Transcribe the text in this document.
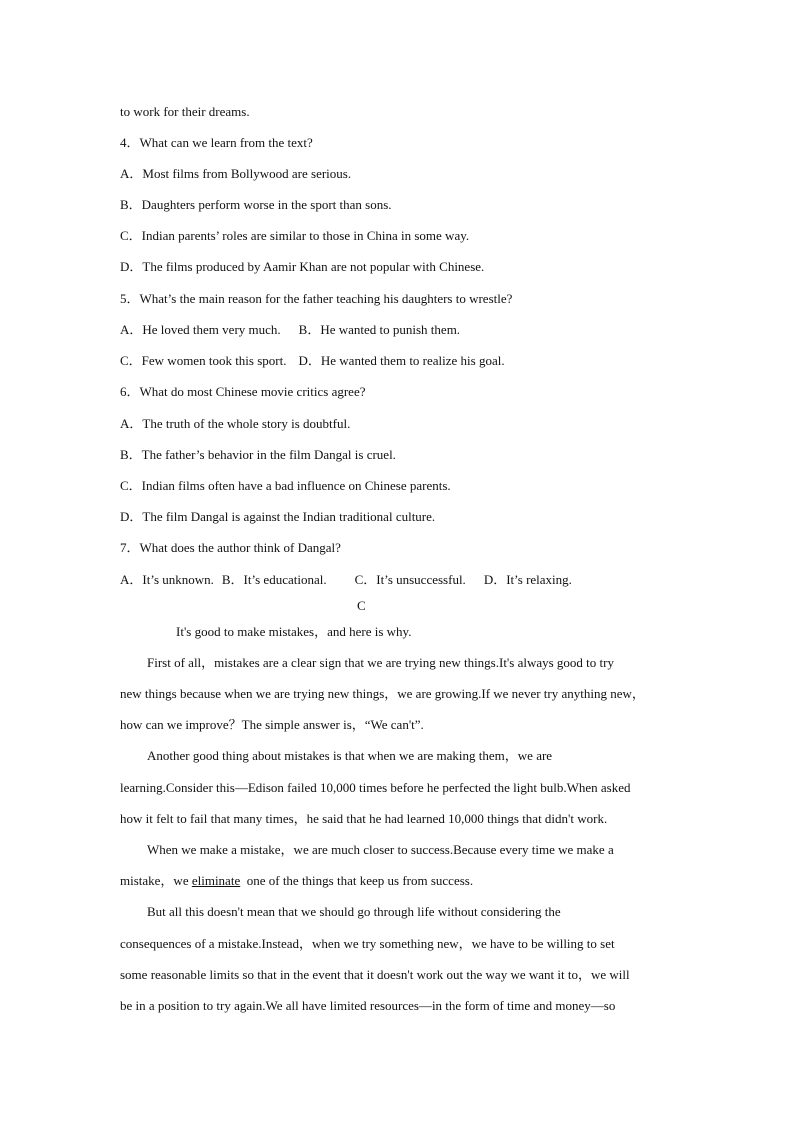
to work for their dreams.
4．What can we learn from the text?
A．Most films from Bollywood are serious.
B．Daughters perform worse in the sport than sons.
C．Indian parents’ roles are similar to those in China in some way.
D．The films produced by Aamir Khan are not popular with Chinese.
5．What’s the main reason for the father teaching his daughters to wrestle?
A．He loved them very much. B．He wanted to punish them.
C．Few women took this sport. D．He wanted them to realize his goal.
6．What do most Chinese movie critics agree?
A．The truth of the whole story is doubtful.
B．The father’s behavior in the film Dangal is cruel.
C．Indian films often have a bad influence on Chinese parents.
D．The film Dangal is against the Indian traditional culture.
7．What does the author think of Dangal?
A．It’s unknown. B．It’s educational. C．It’s unsuccessful. D．It’s relaxing.
C
It's good to make mistakes，and here is why.
First of all，mistakes are a clear sign that we are trying new things.It's always good to try
new things because when we are trying new things，we are growing.If we never try anything new，
how can we improve？The simple answer is，“We can't”.
Another good thing about mistakes is that when we are making them，we are
learning.Consider this—Edison failed 10,000 times before he perfected the light bulb.When asked
how it felt to fail that many times，he said that he had learned 10,000 things that didn't work.
When we make a mistake，we are much closer to success.Because every time we make a
mistake，we eliminate  one of the things that keep us from success.
But all this doesn't mean that we should go through life without considering the
consequences of a mistake.Instead，when we try something new，we have to be willing to set
some reasonable limits so that in the event that it doesn't work out the way we want it to，we will
be in a position to try again.We all have limited resources—in the form of time and money—so
